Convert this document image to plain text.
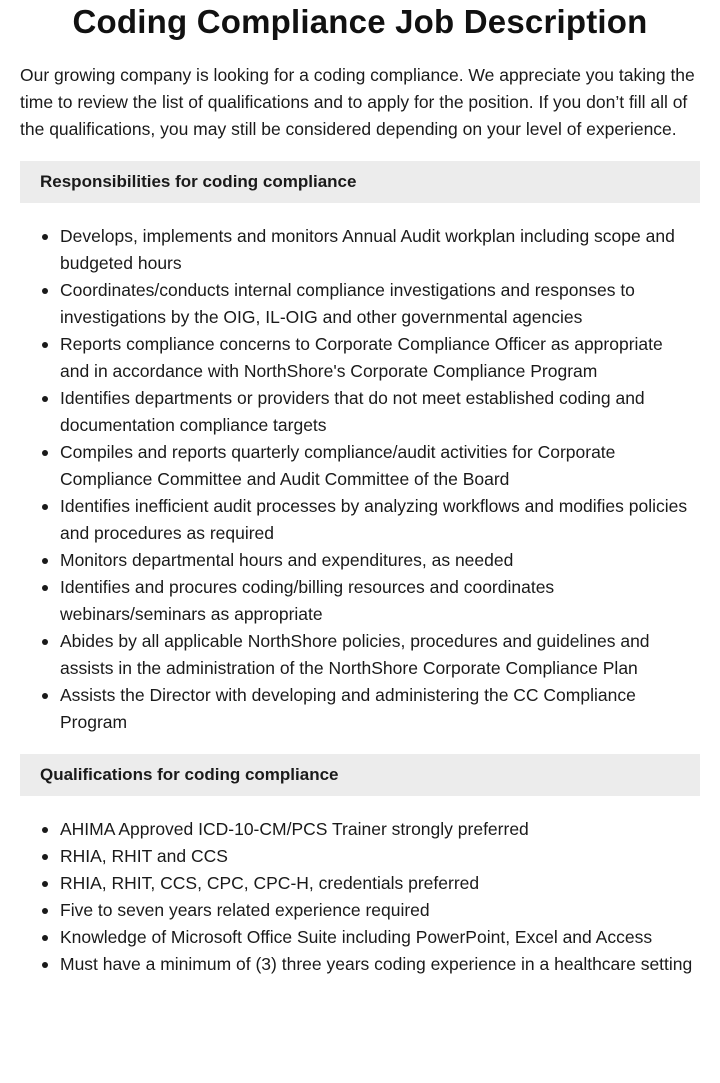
Coding Compliance Job Description

Our growing company is looking for a coding compliance. We appreciate you taking the time to review the list of qualifications and to apply for the position. If you don’t fill all of the qualifications, you may still be considered depending on your level of experience.

Responsibilities for coding compliance
Develops, implements and monitors Annual Audit workplan including scope and budgeted hours
Coordinates/conducts internal compliance investigations and responses to investigations by the OIG, IL-OIG and other governmental agencies
Reports compliance concerns to Corporate Compliance Officer as appropriate and in accordance with NorthShore's Corporate Compliance Program
Identifies departments or providers that do not meet established coding and documentation compliance targets
Compiles and reports quarterly compliance/audit activities for Corporate Compliance Committee and Audit Committee of the Board
Identifies inefficient audit processes by analyzing workflows and modifies policies and procedures as required
Monitors departmental hours and expenditures, as needed
Identifies and procures coding/billing resources and coordinates webinars/seminars as appropriate
Abides by all applicable NorthShore policies, procedures and guidelines and assists in the administration of the NorthShore Corporate Compliance Plan
Assists the Director with developing and administering the CC Compliance Program
Qualifications for coding compliance
AHIMA Approved ICD-10-CM/PCS Trainer strongly preferred
RHIA, RHIT and CCS
RHIA, RHIT, CCS, CPC, CPC-H, credentials preferred
Five to seven years related experience required
Knowledge of Microsoft Office Suite including PowerPoint, Excel and Access
Must have a minimum of (3) three years coding experience in a healthcare setting
